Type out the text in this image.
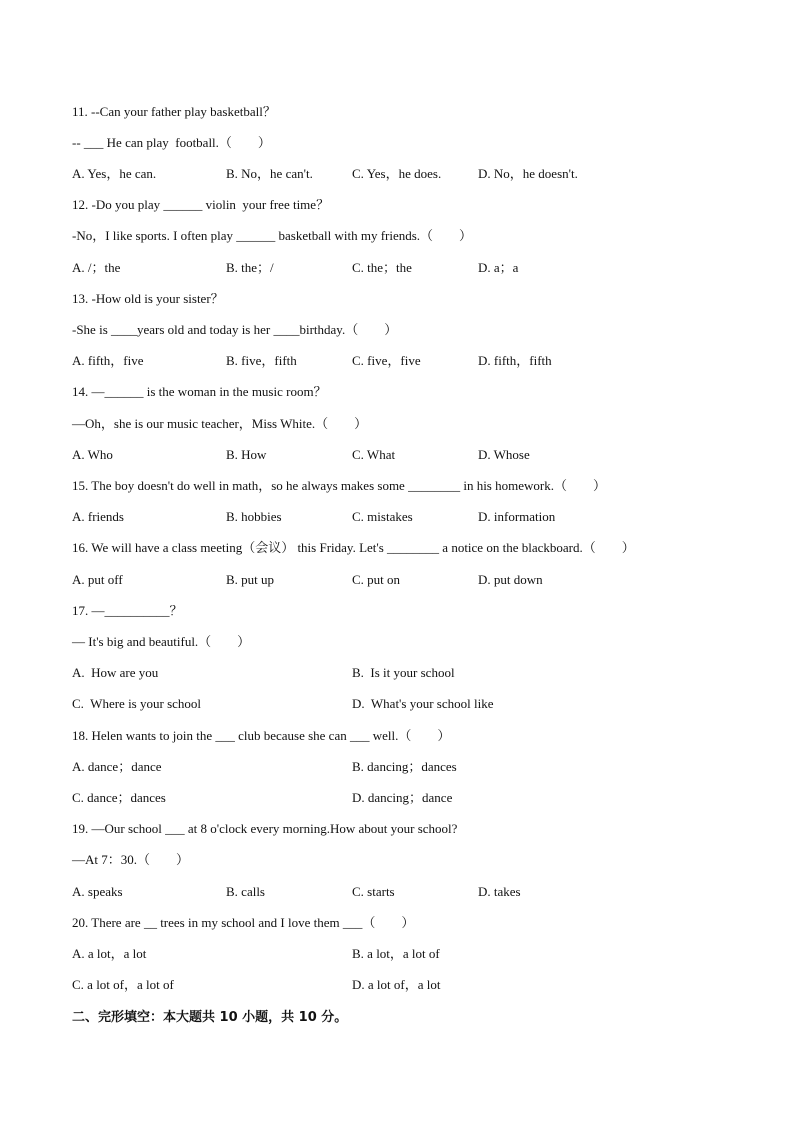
11. --Can your father play basketball？
-- ___ He can play  football.（　　）
A. Yes，he can.	B. No，he can't.	C. Yes，he does.	D. No，he doesn't.
12. -Do you play ______ violin  your free time？
-No，I like sports. I often play ______ basketball with my friends.（　　）
A. /；the	B. the；/	C. the；the	D. a；a
13. -How old is your sister？
-She is ____years old and today is her ____birthday.（　　）
A. fifth，five	B. five，fifth	C. five，five	D. fifth，fifth
14. —______ is the woman in the music room？
—Oh，she is our music teacher，Miss White.（　　）
A. Who	B. How	C. What	D. Whose
15. The boy doesn't do well in math，so he always makes some ________ in his homework.（　　）
A. friends	B. hobbies	C. mistakes	D. information
16. We will have a class meeting（会议） this Friday. Let's ________ a notice on the blackboard.（　　）
A. put off	B. put up	C. put on	D. put down
17. —__________？
— It's big and beautiful.（　　）
A.  How are you	B.  Is it your school
C.  Where is your school	D.  What's your school like
18. Helen wants to join the ___ club because she can ___ well.（　　）
A. dance；dance	B. dancing；dances
C. dance；dances	D. dancing；dance
19. —Our school ___ at 8 o'clock every morning.How about your school?
—At 7：30.（　　）
A. speaks	B. calls	C. starts	D. takes
20. There are __ trees in my school and I love them ___（　　）
A. a lot，a lot	B. a lot，a lot of
C. a lot of，a lot of	D. a lot of，a lot
二、完形填空：本大题共 10 小题，共 10 分。
